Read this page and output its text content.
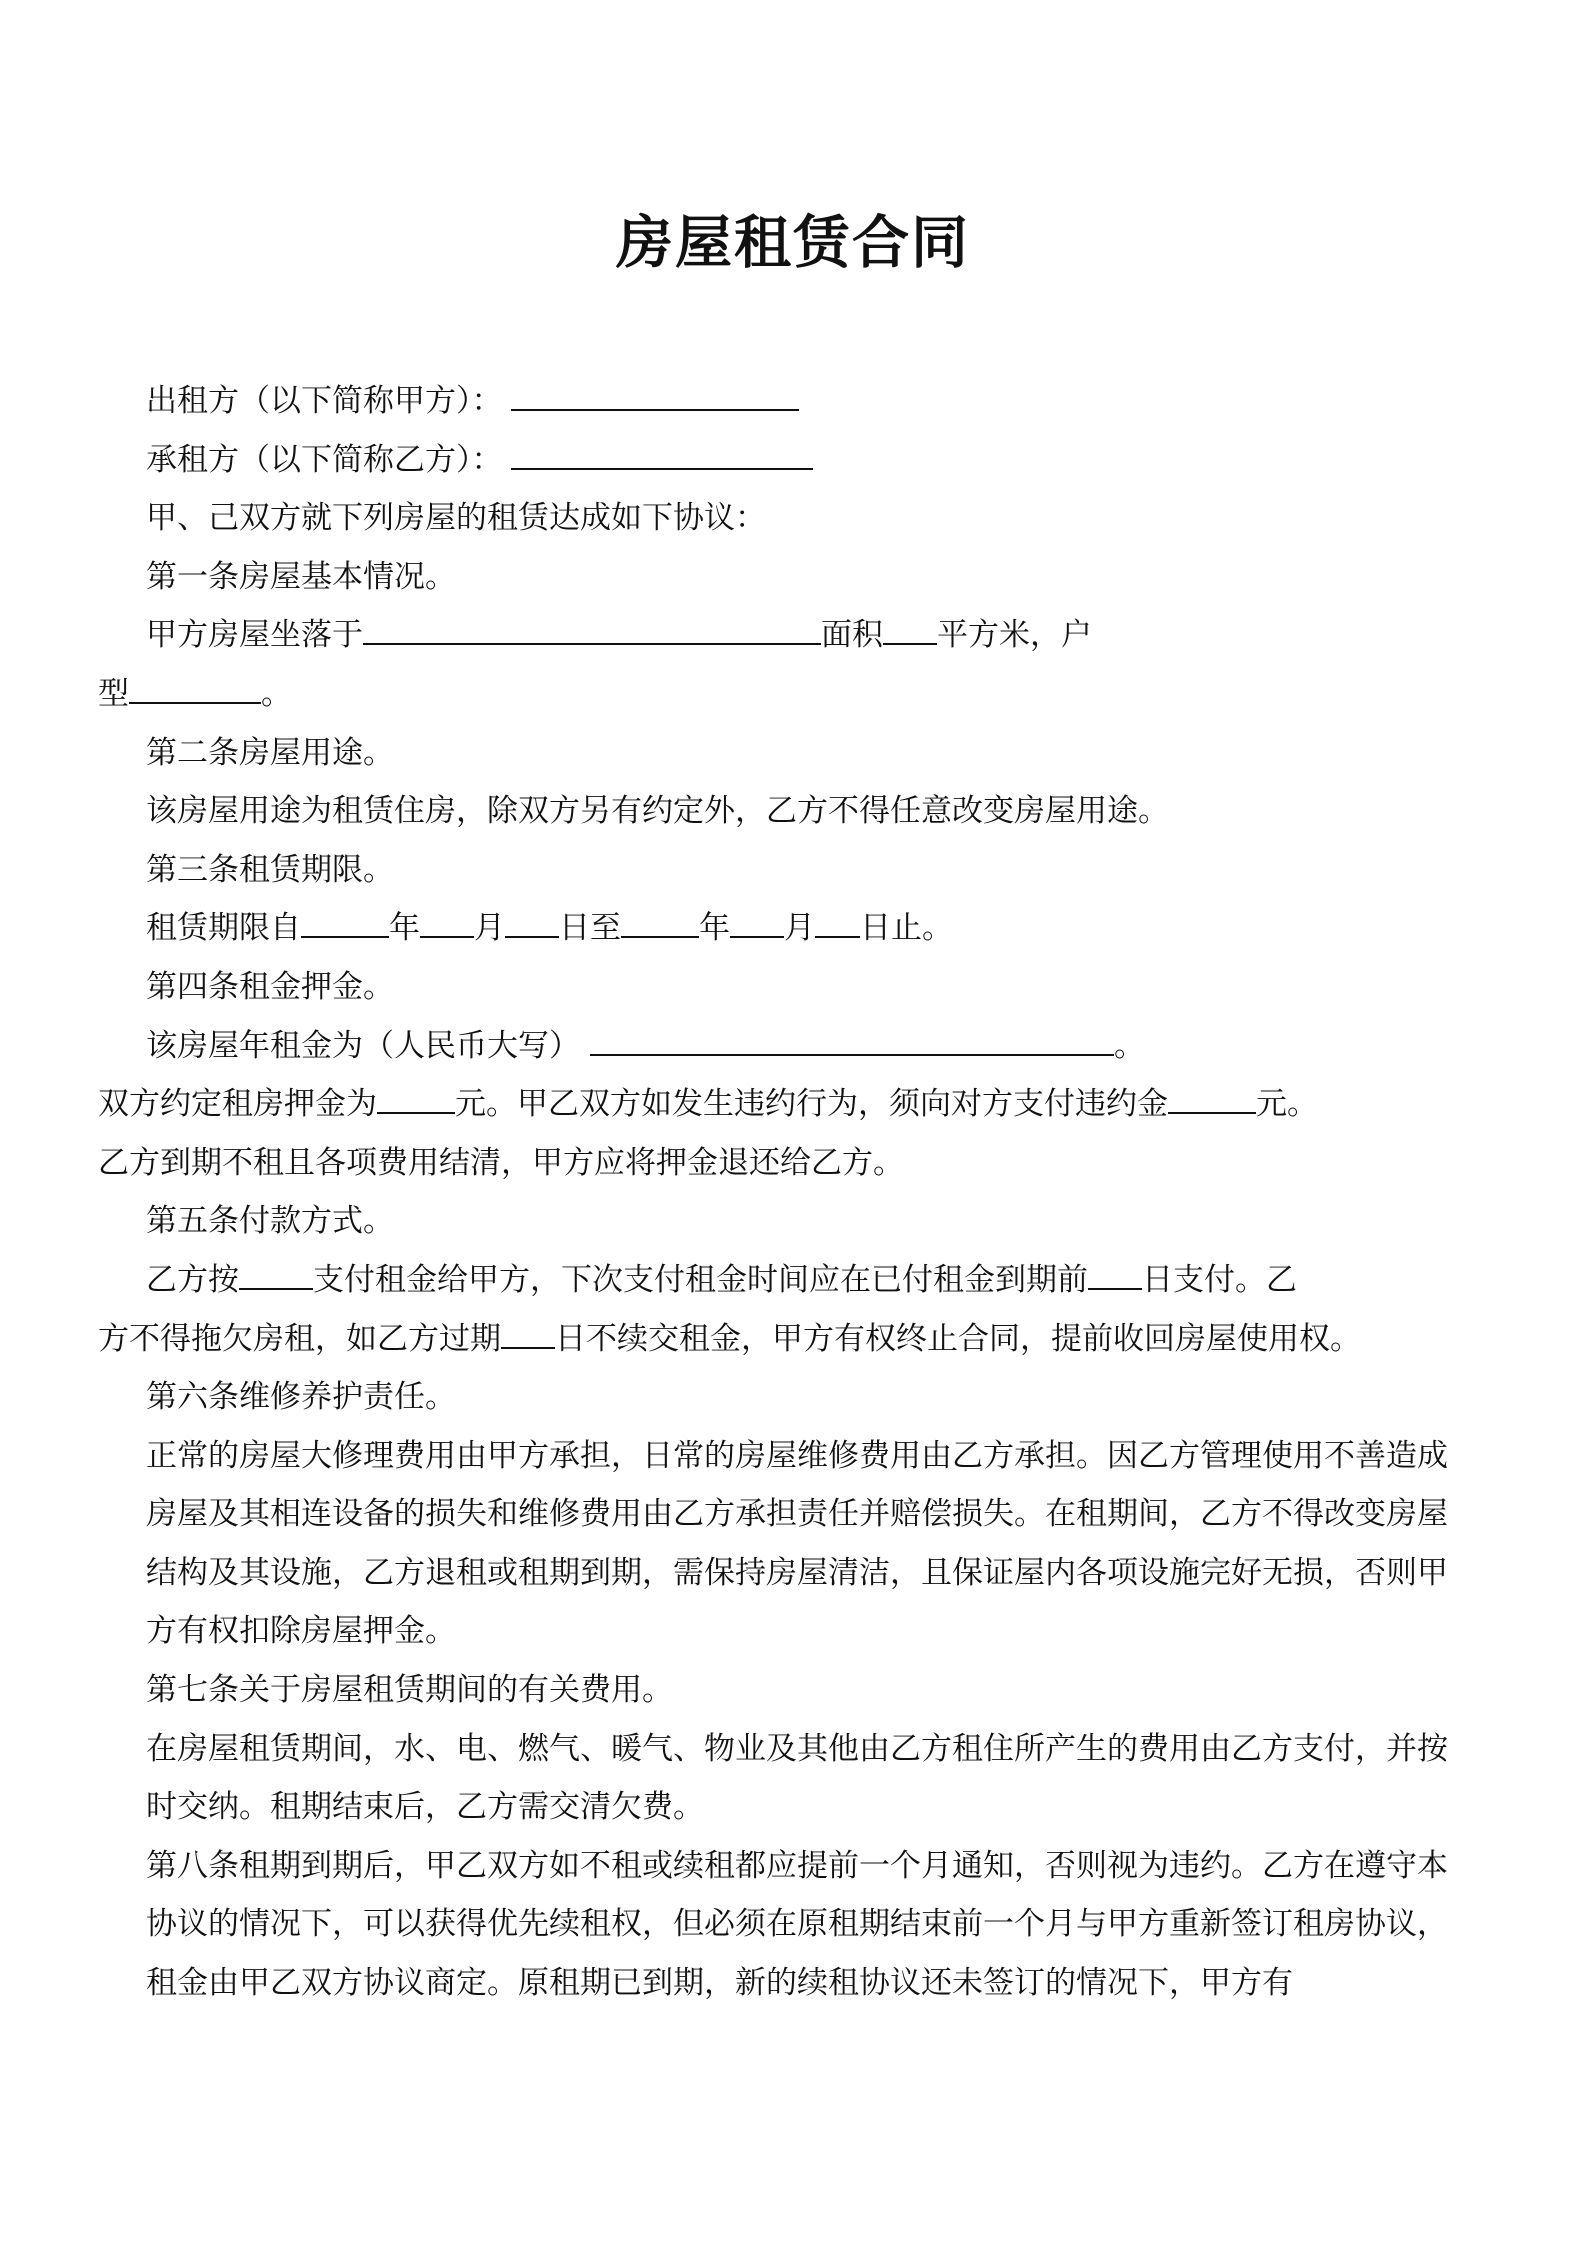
房屋租赁合同
出租方（以下简称甲方）：
承租方（以下简称乙方）：
甲、己双方就下列房屋的租赁达成如下协议：
第一条房屋基本情况。
甲方房屋坐落于	面积 平方米，户
型	。
第二条房屋用途。
该房屋用途为租赁住房，除双方另有约定外，乙方不得任意改变房屋用途。
第三条租赁期限。
租赁期限自	年 月 日至	年 月 日止。
第四条租金押金。
该房屋年租金为（人民币大写）	。
双方约定租房押金为	元。甲乙双方如发生违约行为，须向对方支付违约金	元。
乙方到期不租且各项费用结清，甲方应将押金退还给乙方。
第五条付款方式。
乙方按 支付租金给甲方，下次支付租金时间应在已付租金到期前 日支付。乙
方不得拖欠房租，如乙方过期 日不续交租金，甲方有权终止合同，提前收回房屋使用权。
第六条维修养护责任。
正常的房屋大修理费用由甲方承担，日常的房屋维修费用由乙方承担。因乙方管理使用不善造成房屋及其相连设备的损失和维修费用由乙方承担责任并赔偿损失。在租期间，乙方不得改变房屋结构及其设施，乙方退租或租期到期，需保持房屋清洁，且保证屋内各项设施完好无损，否则甲方有权扣除房屋押金。
第七条关于房屋租赁期间的有关费用。
在房屋租赁期间，水、电、燃气、暖气、物业及其他由乙方租住所产生的费用由乙方支付，并按时交纳。租期结束后，乙方需交清欠费。
第八条租期到期后，甲乙双方如不租或续租都应提前一个月通知，否则视为违约。乙方在遵守本协议的情况下，可以获得优先续租权，但必须在原租期结束前一个月与甲方重新签订租房协议，租金由甲乙双方协议商定。原租期已到期，新的续租协议还未签订的情况下，甲方有
